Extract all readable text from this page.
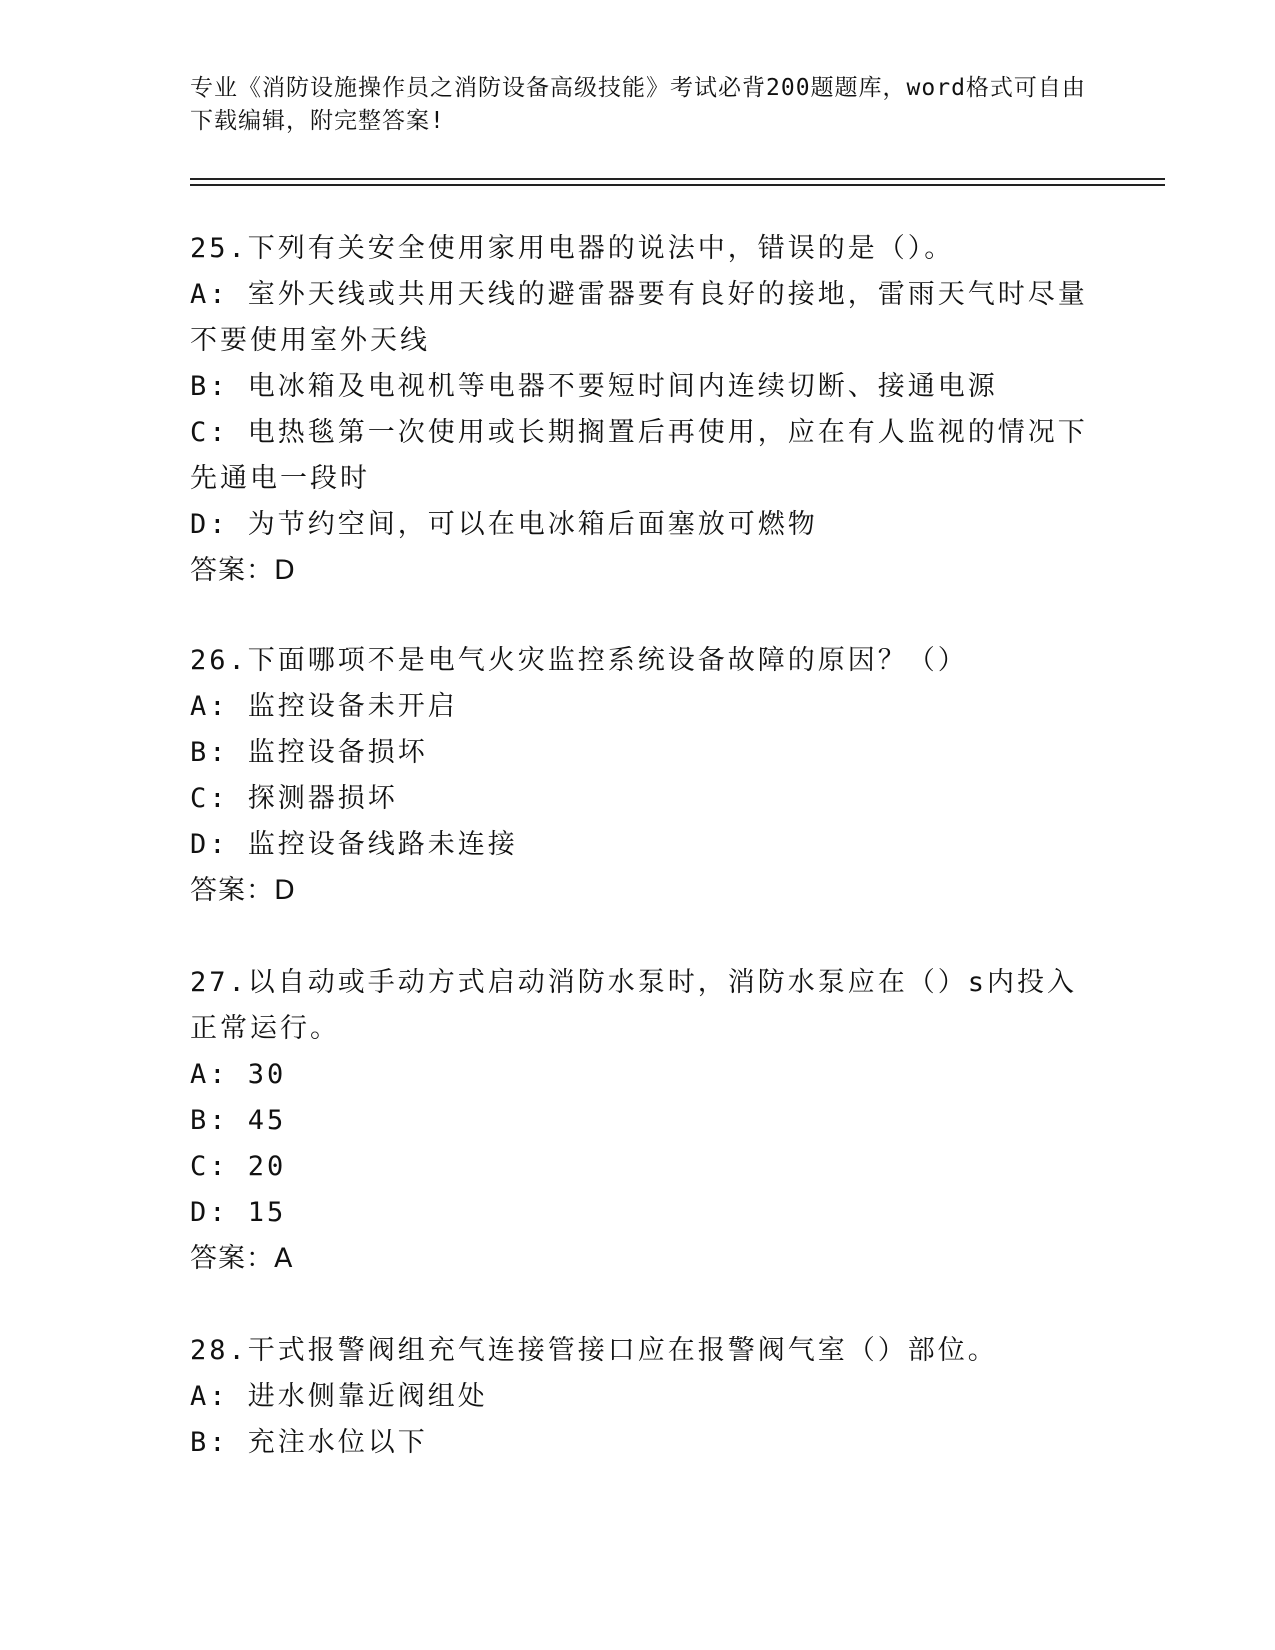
专业《消防设施操作员之消防设备高级技能》考试必背200题题库，word格式可自由下载编辑，附完整答案!
25.下列有关安全使用家用电器的说法中，错误的是（）。
A: 室外天线或共用天线的避雷器要有良好的接地，雷雨天气时尽量不要使用室外天线
B: 电冰箱及电视机等电器不要短时间内连续切断、接通电源
C: 电热毯第一次使用或长期搁置后再使用，应在有人监视的情况下先通电一段时
D: 为节约空间，可以在电冰箱后面塞放可燃物
答案：D
26.下面哪项不是电气火灾监控系统设备故障的原因？（）
A: 监控设备未开启
B: 监控设备损坏
C: 探测器损坏
D: 监控设备线路未连接
答案：D
27.以自动或手动方式启动消防水泵时，消防水泵应在（）s内投入正常运行。
A: 30
B: 45
C: 20
D: 15
答案：A
28.干式报警阀组充气连接管接口应在报警阀气室（）部位。
A: 进水侧靠近阀组处
B: 充注水位以下
